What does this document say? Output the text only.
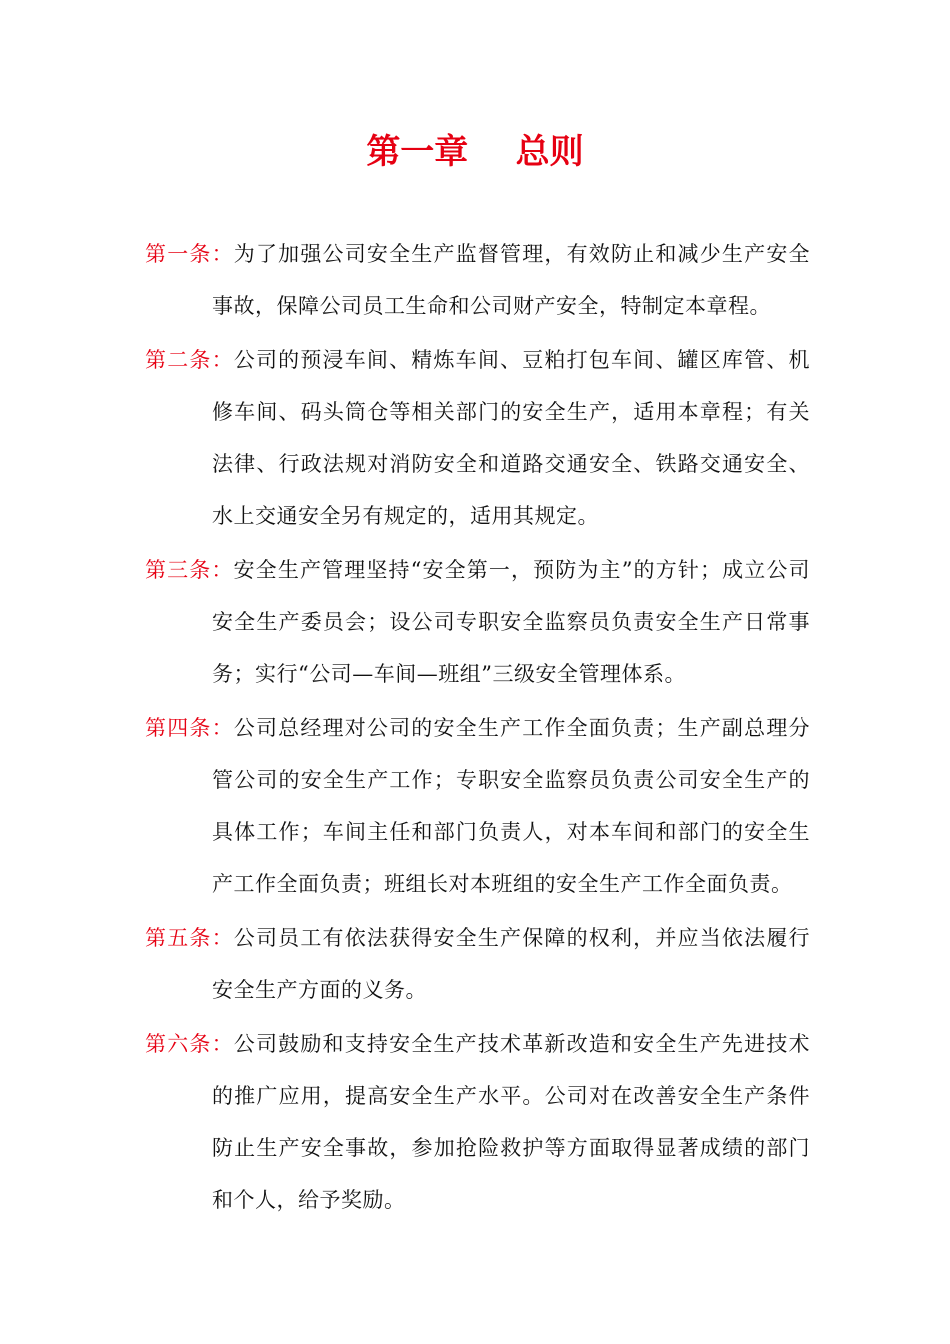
第一章    总则

第一条：为了加强公司安全生产监督管理，有效防止和减少生产安全事故，保障公司员工生命和公司财产安全，特制定本章程。

第二条：公司的预浸车间、精炼车间、豆粕打包车间、罐区库管、机修车间、码头筒仓等相关部门的安全生产，适用本章程；有关法律、行政法规对消防安全和道路交通安全、铁路交通安全、水上交通安全另有规定的，适用其规定。

第三条：安全生产管理坚持“安全第一，预防为主”的方针；成立公司安全生产委员会；设公司专职安全监察员负责安全生产日常事务；实行“公司—车间—班组”三级安全管理体系。

第四条：公司总经理对公司的安全生产工作全面负责；生产副总理分管公司的安全生产工作；专职安全监察员负责公司安全生产的具体工作；车间主任和部门负责人，对本车间和部门的安全生产工作全面负责；班组长对本班组的安全生产工作全面负责。

第五条：公司员工有依法获得安全生产保障的权利，并应当依法履行安全生产方面的义务。

第六条：公司鼓励和支持安全生产技术革新改造和安全生产先进技术的推广应用，提高安全生产水平。公司对在改善安全生产条件防止生产安全事故，参加抢险救护等方面取得显著成绩的部门和个人，给予奖励。
